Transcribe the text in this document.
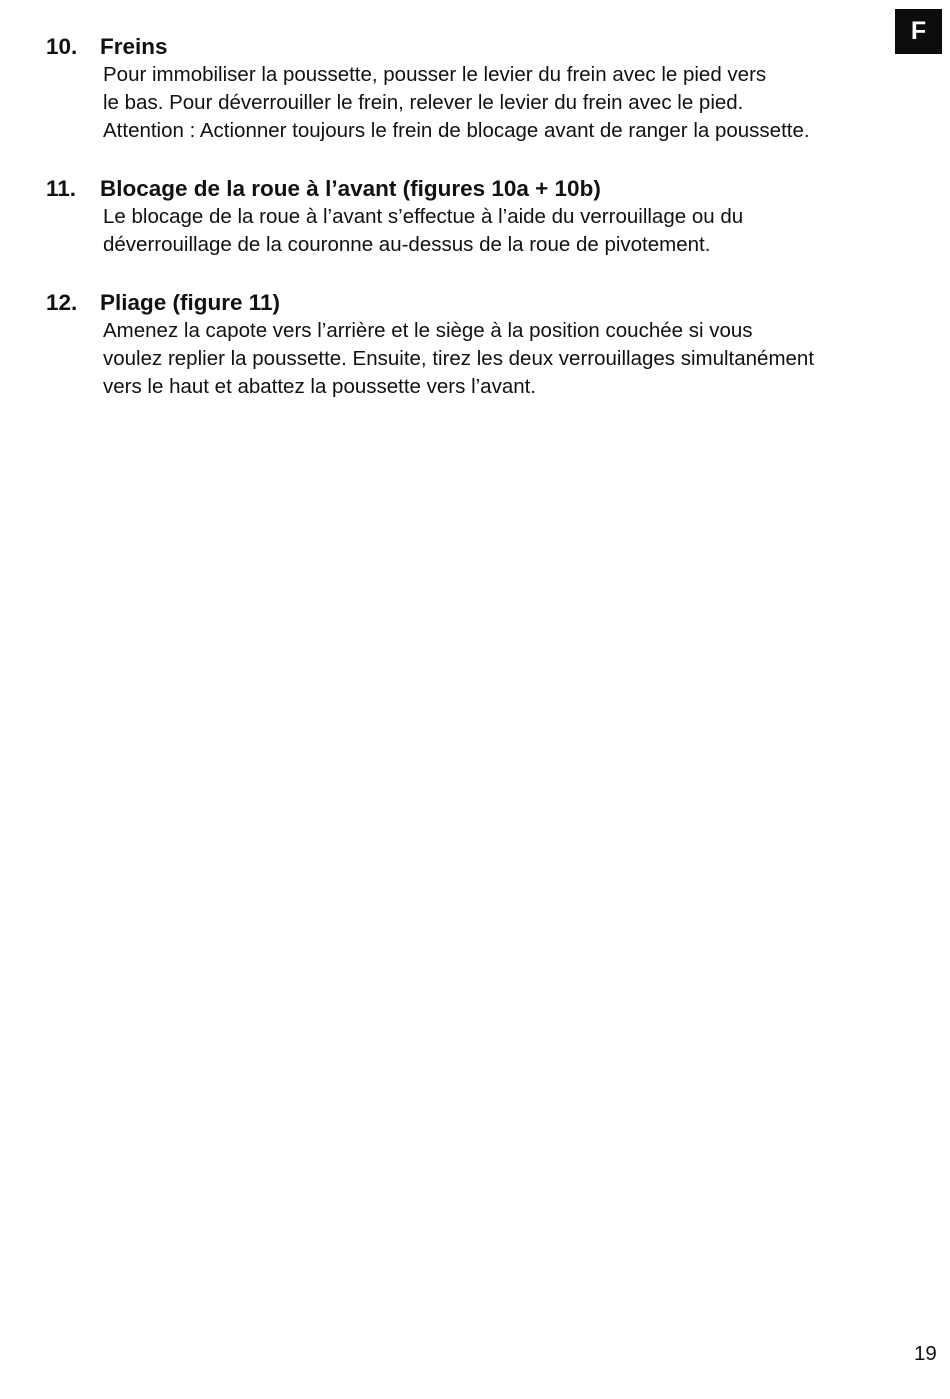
F
10.	Freins

Pour immobiliser la poussette, pousser le levier du frein avec le pied vers
le bas. Pour déverrouiller le frein, relever le levier du frein avec le pied.
Attention : Actionner toujours le frein de blocage avant de ranger la poussette.

11.	Blocage de la roue à l’avant (figures 10a + 10b)

Le blocage de la roue à l’avant s’effectue à l’aide du verrouillage ou du
déverrouillage de la couronne au-dessus de la roue de pivotement.

12.	Pliage (figure 11)

Amenez la capote vers l’arrière et le siège à la position couchée si vous
voulez replier la poussette. Ensuite, tirez les deux verrouillages simultanément
vers le haut et abattez la poussette vers l’avant.

19
